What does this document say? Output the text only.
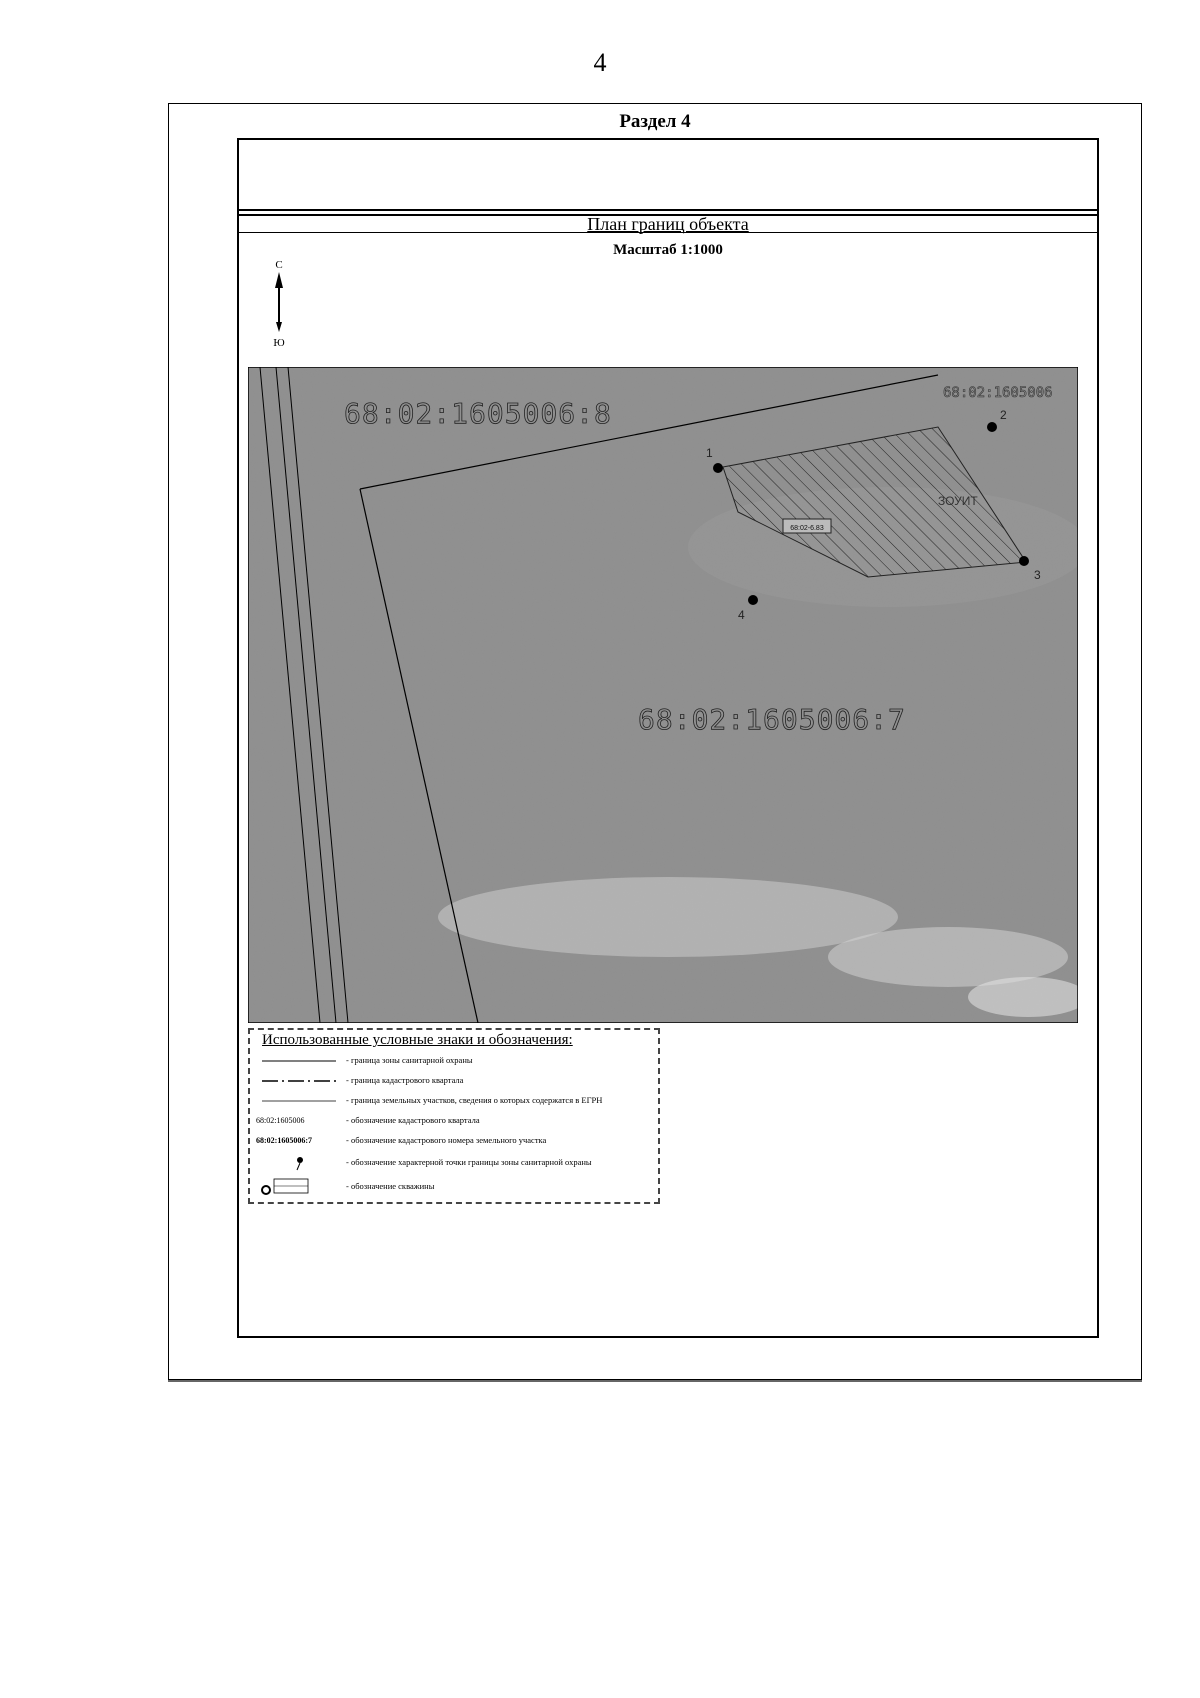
4
Раздел 4
План границ объекта
Масштаб 1:1000
С
Ю
1
2
3
4
68:02-6.83
ЗОУИТ
68:02:1605006:8
68:02:1605006:7
68:02:1605006
Использованные условные знаки и обозначения:
- граница зоны санитарной охраны
- граница кадастрового квартала
- граница земельных участков, сведения о которых содержатся в ЕГРН
68:02:1605006	- обозначение кадастрового квартала
68:02:1605006:7	- обозначение кадастрового номера земельного участка
- обозначение характерной точки границы зоны санитарной охраны
- обозначение скважины
